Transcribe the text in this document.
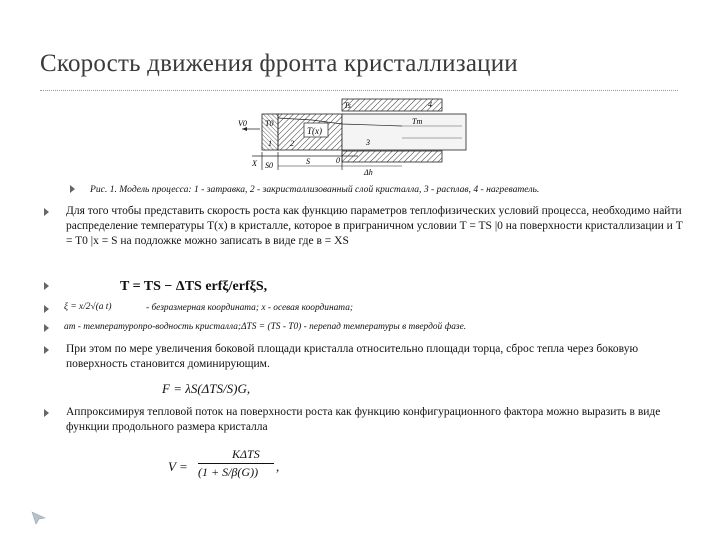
Скорость движения фронта кристаллизации
T(x)
V0 T0
Ts
Tm
1 2	3
4
X S0	S	0
Δh
Рис. 1. Модель процесса: 1 - затравка, 2 - закристаллизованный слой кристалла, 3 - расплав, 4 - нагреватель.
Для того чтобы представить скорость роста как функцию параметров теплофизических условий процесса, необходимо найти распределение температуры T(x) в кристалле, которое в приграничном условии T = TS |0 на поверхности кристаллизации и T = T0 |x = S на подложке можно записать в виде где в = XS
T = TS − ΔTS erfξ/erfξS,
ξ = x/2√(a t)	- безразмерная координата; x - осевая координата;
aт - температуропро-водность кристалла;ΔTS = (TS - T0) - перепад температуры в твердой фазе.
При этом по мере увеличения боковой площади кристалла относительно площади торца, сброс тепла через боковую поверхность становится доминирующим.
F = λS(ΔTS/S)G,
Аппроксимируя тепловой поток на поверхности роста как функцию конфигурационного фактора можно выразить в виде функции продольного размера кристалла
V =
KΔTS
(1 + S/β(G)) ,
